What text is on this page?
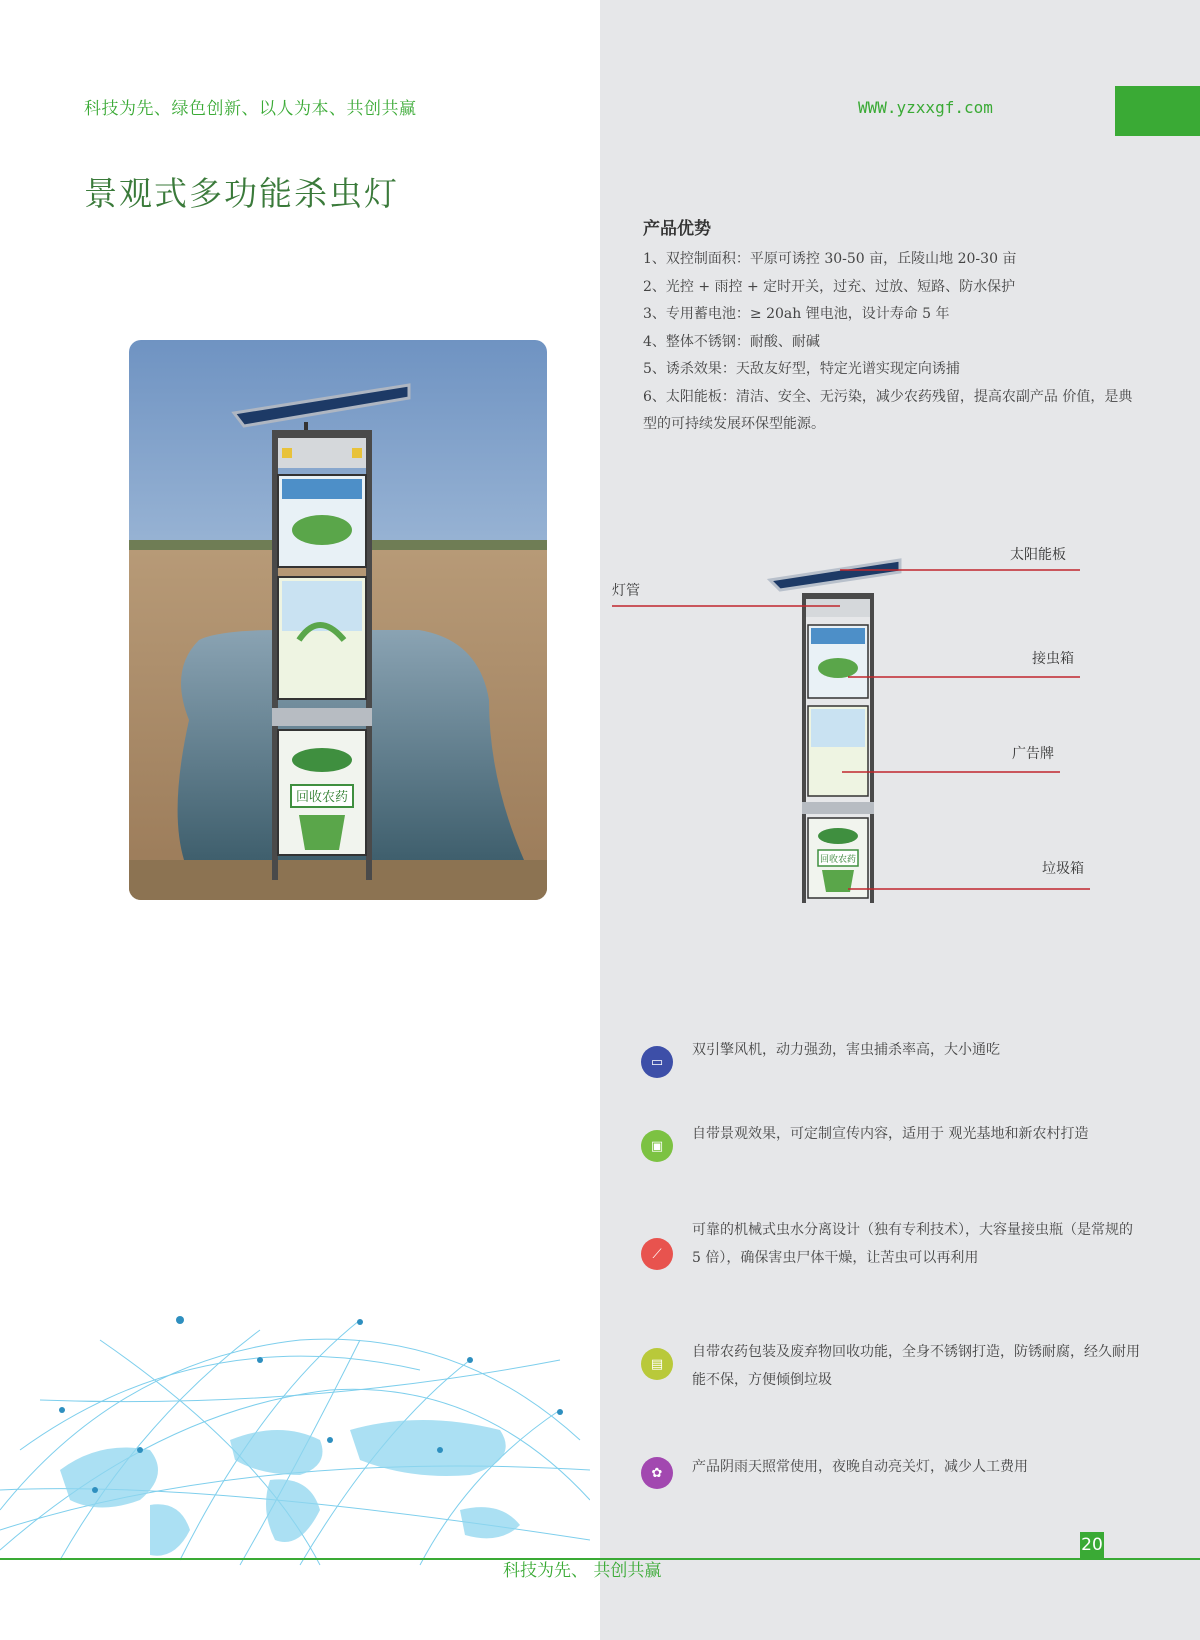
科技为先、绿色创新、以人为本、共创共赢	WWW.yzxxgf.com
景观式多功能杀虫灯
回收农药
产品优势
1、双控制面积：平原可诱控 30-50 亩，丘陵山地 20-30 亩
2、光控 + 雨控 + 定时开关，过充、过放、短路、防水保护
3、专用蓄电池：≥ 20ah 锂电池，设计寿命 5 年
4、整体不锈钢：耐酸、耐碱
5、诱杀效果：天敌友好型，特定光谱实现定向诱捕
6、太阳能板：清洁、安全、无污染，减少农药残留，提高农副产品 价值，是典型的可持续发展环保型能源。
回收农药
太阳能板
灯管
接虫箱
广告牌
垃圾箱
▭
双引擎风机，动力强劲，害虫捕杀率高，大小通吃
▣
自带景观效果，可定制宣传内容，适用于 观光基地和新农村打造
⟋
可靠的机械式虫水分离设计（独有专利技术），大容量接虫瓶（是常规的 5 倍），确保害虫尸体干燥，让苦虫可以再利用
▤
自带农药包装及废弃物回收功能，全身不锈钢打造，防锈耐腐，经久耐用能不保，方便倾倒垃圾
✿	产品阴雨天照常使用，夜晚自动亮关灯，减少人工费用
20
科技为先、 共创共赢
